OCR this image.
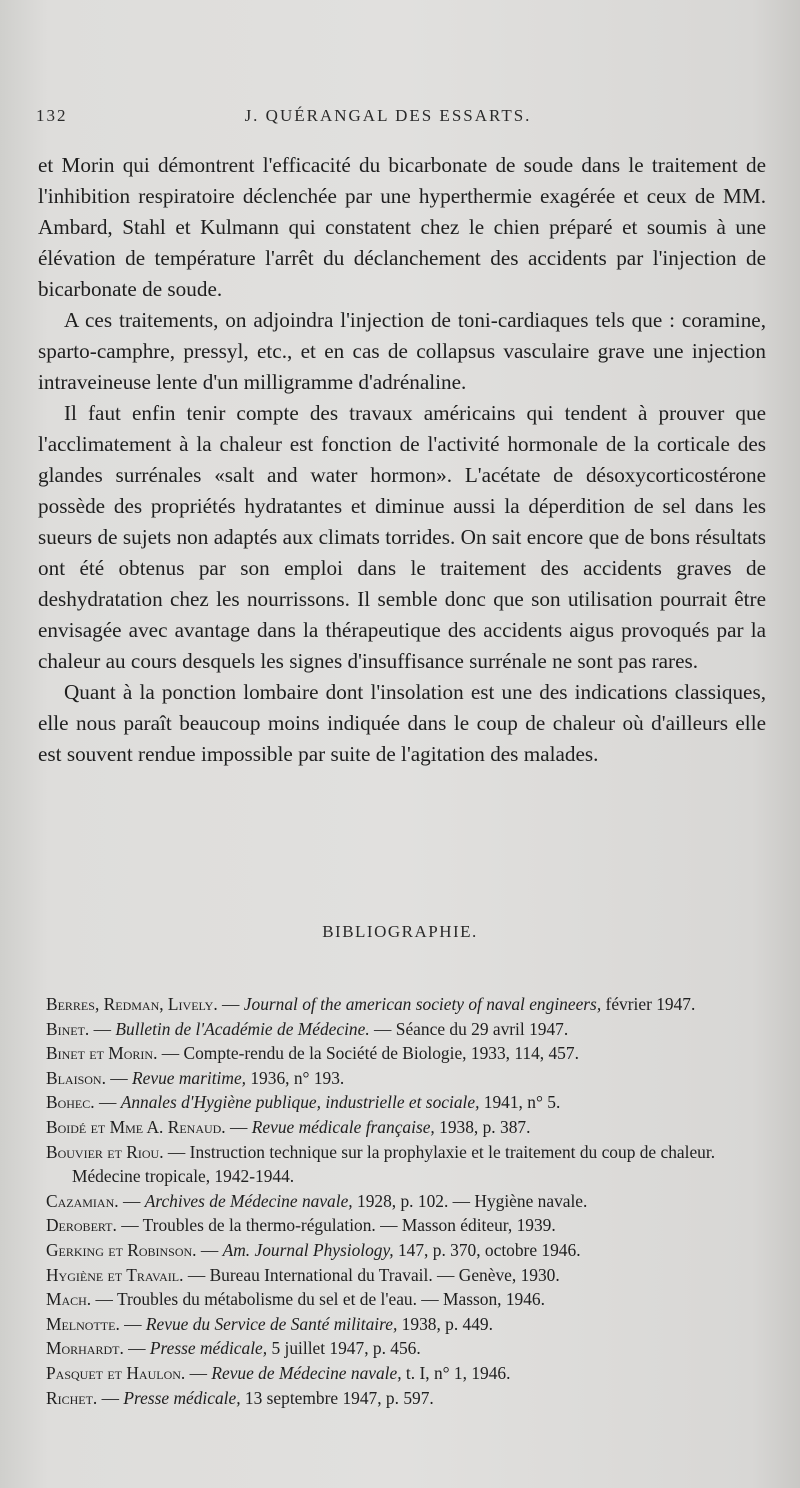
132	J. QUÉRANGAL DES ESSARTS.

et Morin qui démontrent l'efficacité du bicarbonate de soude dans le traitement de l'inhibition respiratoire déclenchée par une hyperthermie exagérée et ceux de MM. Ambard, Stahl et Kulmann qui constatent chez le chien préparé et soumis à une élévation de température l'arrêt du déclanchement des accidents par l'injection de bicarbonate de soude.

A ces traitements, on adjoindra l'injection de toni-cardiaques tels que : coramine, sparto-camphre, pressyl, etc., et en cas de collapsus vasculaire grave une injection intraveineuse lente d'un milligramme d'adrénaline.

Il faut enfin tenir compte des travaux américains qui tendent à prouver que l'acclimatement à la chaleur est fonction de l'activité hormonale de la corticale des glandes surrénales «salt and water hormon». L'acétate de désoxycorticostérone possède des propriétés hydratantes et diminue aussi la déperdition de sel dans les sueurs de sujets non adaptés aux climats torrides. On sait encore que de bons résultats ont été obtenus par son emploi dans le traitement des accidents graves de deshydratation chez les nourrissons. Il semble donc que son utilisation pourrait être envisagée avec avantage dans la thérapeutique des accidents aigus provoqués par la chaleur au cours desquels les signes d'insuffisance surrénale ne sont pas rares.

Quant à la ponction lombaire dont l'insolation est une des indications classiques, elle nous paraît beaucoup moins indiquée dans le coup de chaleur où d'ailleurs elle est souvent rendue impossible par suite de l'agitation des malades.

BIBLIOGRAPHIE.

Berres, Redman, Lively. — Journal of the american society of naval engineers, février 1947.

Binet. — Bulletin de l'Académie de Médecine. — Séance du 29 avril 1947.

Binet et Morin. — Compte-rendu de la Société de Biologie, 1933, 114, 457.

Blaison. — Revue maritime, 1936, n° 193.

Bohec. — Annales d'Hygiène publique, industrielle et sociale, 1941, n° 5.

Boidé et Mme A. Renaud. — Revue médicale française, 1938, p. 387.

Bouvier et Riou. — Instruction technique sur la prophylaxie et le traitement du coup de chaleur. Médecine tropicale, 1942-1944.

Cazamian. — Archives de Médecine navale, 1928, p. 102. — Hygiène navale.

Derobert. — Troubles de la thermo-régulation. — Masson éditeur, 1939.

Gerking et Robinson. — Am. Journal Physiology, 147, p. 370, octobre 1946.

Hygiène et Travail. — Bureau International du Travail. — Genève, 1930.

Mach. — Troubles du métabolisme du sel et de l'eau. — Masson, 1946.

Melnotte. — Revue du Service de Santé militaire, 1938, p. 449.

Morhardt. — Presse médicale, 5 juillet 1947, p. 456.

Pasquet et Haulon. — Revue de Médecine navale, t. I, n° 1, 1946.

Richet. — Presse médicale, 13 septembre 1947, p. 597.
